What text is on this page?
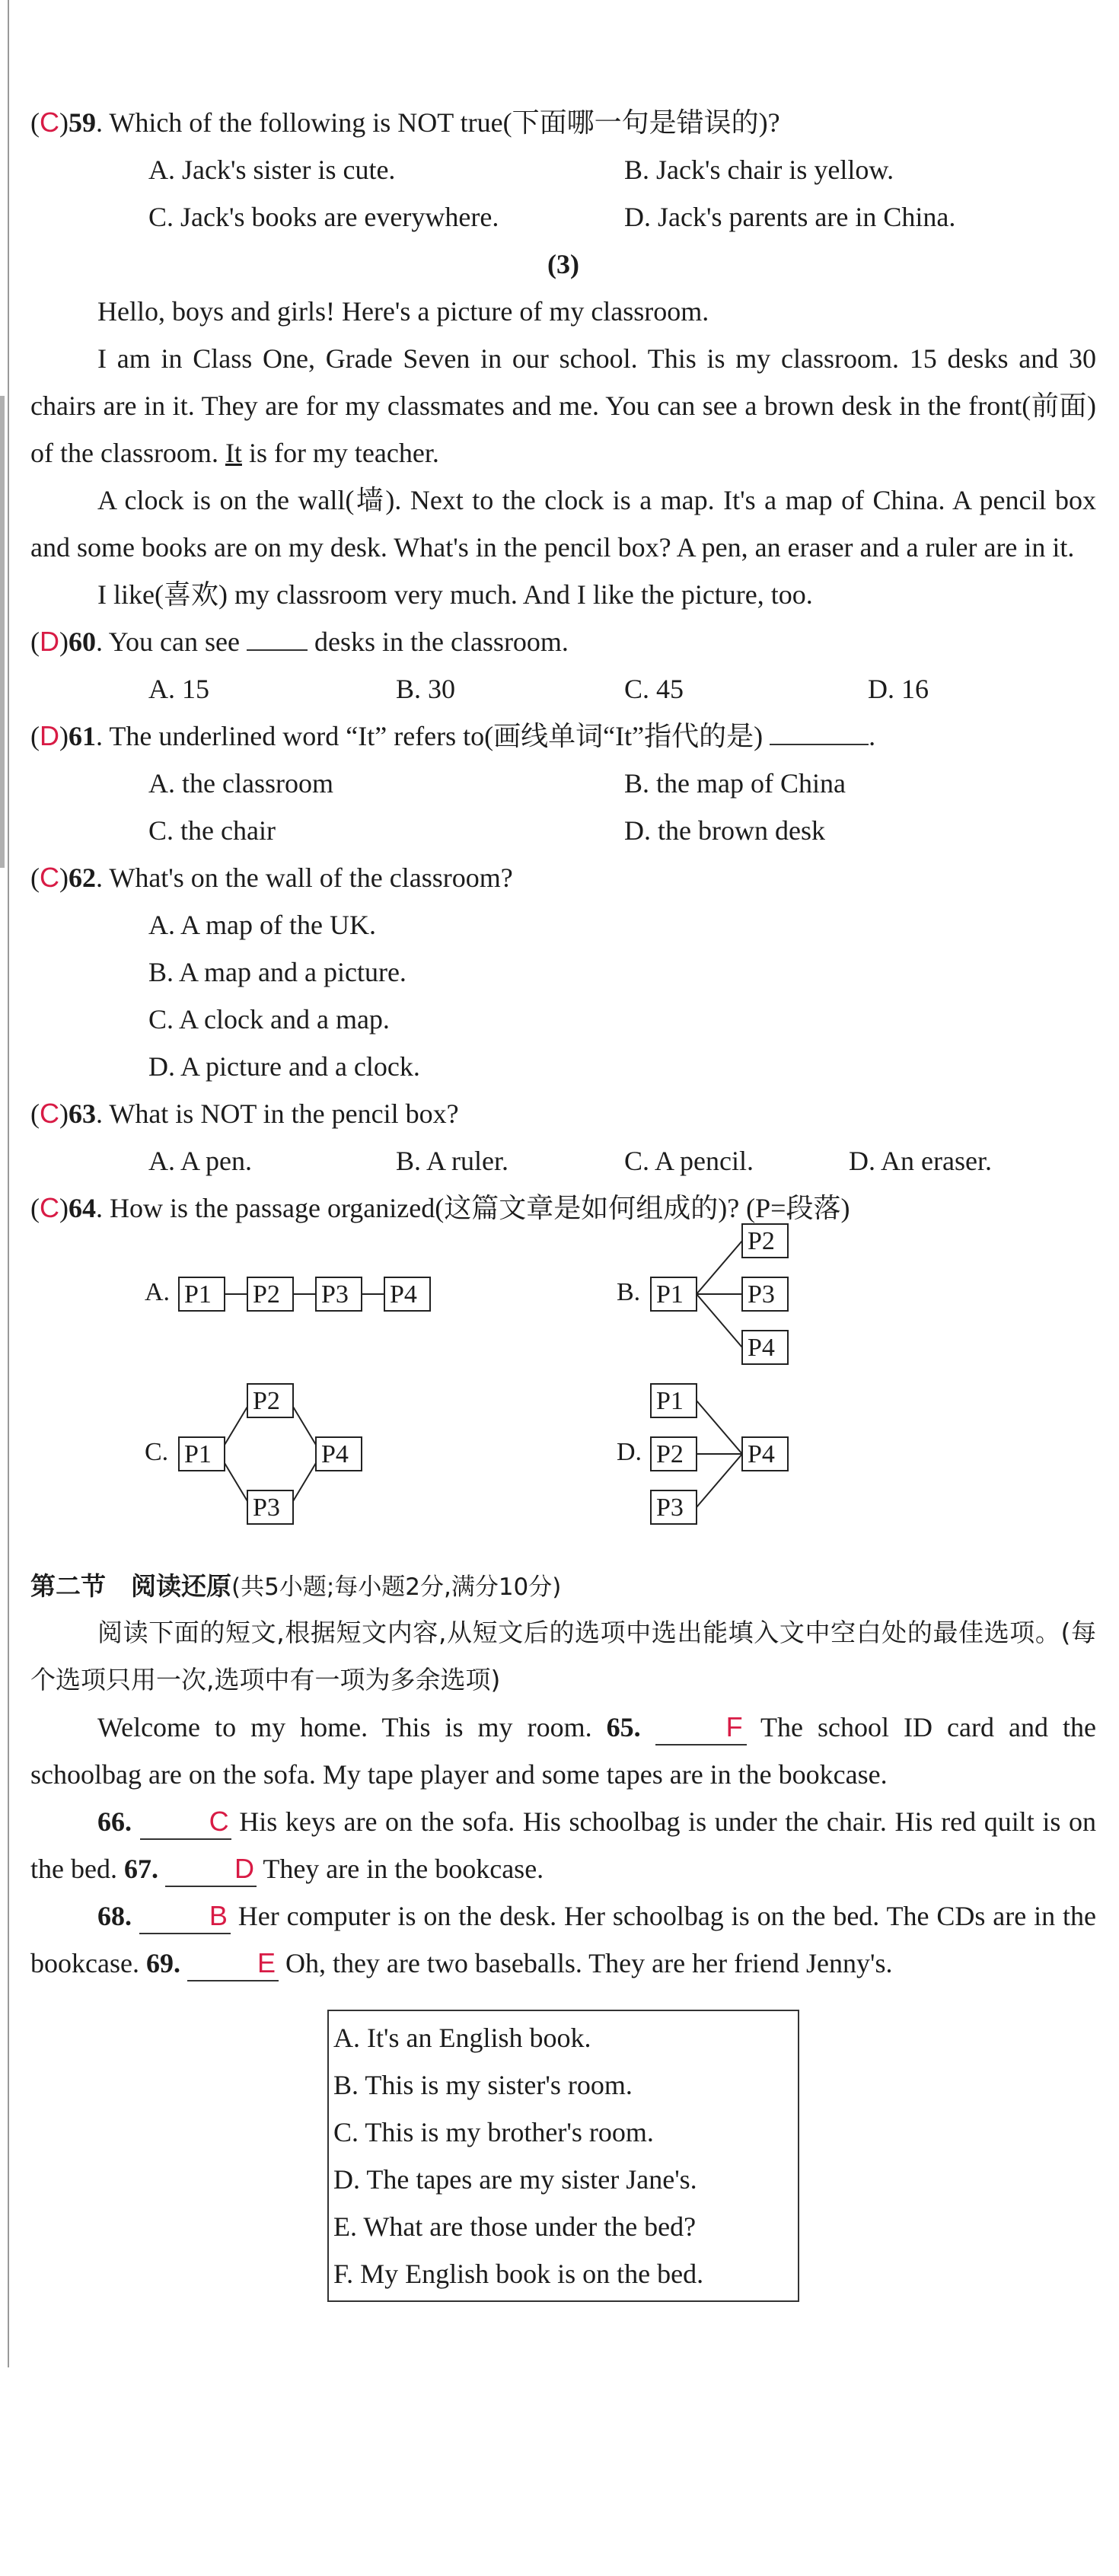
(C)59. Which of the following is NOT true(下面哪一句是错误的)?
A. Jack's sister is cute.	B. Jack's chair is yellow.
C. Jack's books are everywhere.	D. Jack's parents are in China.
(3)
Hello, boys and girls! Here's a picture of my classroom.
I am in Class One, Grade Seven in our school. This is my classroom. 15 desks and 30 chairs are in it. They are for my classmates and me. You can see a brown desk in the front(前面) of the classroom. It is for my teacher.
A clock is on the wall(墙). Next to the clock is a map. It's a map of China. A pencil box and some books are on my desk. What's in the pencil box? A pen, an eraser and a ruler are in it.
I like(喜欢) my classroom very much. And I like the picture, too.
(D)60. You can see	desks in the classroom.
A. 15	B. 30	C. 45	D. 16
(D)61. The underlined word “It” refers to(画线单词“It”指代的是)	.
A. the classroom	B. the map of China
C. the chair	D. the brown desk
(C)62. What's on the wall of the classroom?
A. A map of the UK.
B. A map and a picture.
C. A clock and a map.
D. A picture and a clock.
(C)63. What is NOT in the pencil box?
A. A pen.	B. A ruler.	C. A pencil.	D. An eraser.
(C)64. How is the passage organized(这篇文章是如何组成的)? (P=段落)
A. P1 P2 P3 P4	B. P1
P2
P3
P4
C. P1
P2
P3
P4	D.
P1
P2
P3
P4
第二节　阅读还原(共5小题;每小题2分,满分10分)
阅读下面的短文,根据短文内容,从短文后的选项中选出能填入文中空白处的最佳选项。(每个选项只用一次,选项中有一项为多余选项)
Welcome to my home. This is my room. 65.	F The school ID card and the schoolbag are on the sofa. My tape player and some tapes are in the bookcase.
66.	C His keys are on the sofa. His schoolbag is under the chair. His red quilt is on the bed. 67.	D They are in the bookcase.
68.	B Her computer is on the desk. Her schoolbag is on the bed. The CDs are in the bookcase. 69.	E Oh, they are two baseballs. They are her friend Jenny's.
A. It's an English book.
B. This is my sister's room.
C. This is my brother's room.
D. The tapes are my sister Jane's.
E. What are those under the bed?
F. My English book is on the bed.
